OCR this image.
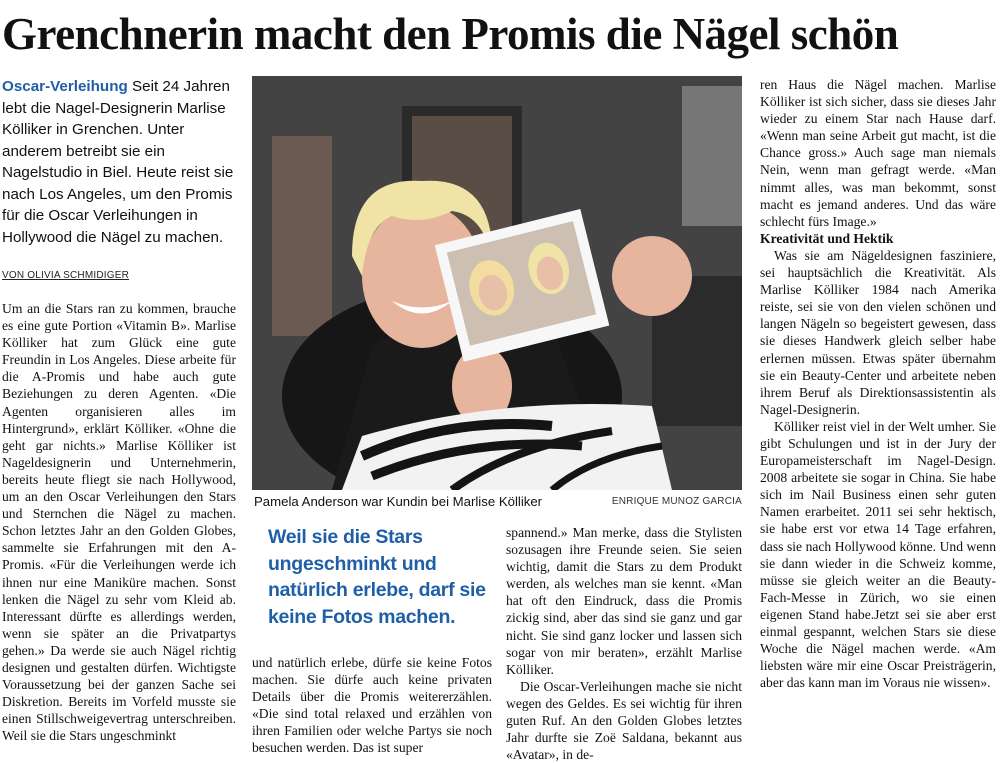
Grenchnerin macht den Promis die Nägel schön

Oscar-Verleihung Seit 24 Jahren lebt die Nagel-Designerin Marlise Kölliker in Grenchen. Unter anderem betreibt sie ein Nagelstudio in Biel. Heute reist sie nach Los Angeles, um den Promis für die Oscar Verleihungen in Hollywood die Nägel zu machen.

VON OLIVIA SCHMIDIGER

Um an die Stars ran zu kommen, brauche es eine gute Portion «Vitamin B». Marlise Kölliker hat zum Glück eine gute Freundin in Los Angeles. Diese arbeite für die A-Promis und habe auch gute Beziehungen zu deren Agenten. «Die Agenten organisieren alles im Hintergrund», erklärt Kölliker. «Ohne die geht gar nichts.» Marlise Kölliker ist Nageldesignerin und Unternehmerin, bereits heute fliegt sie nach Hollywood, um an den Oscar Verleihungen den Stars und Sternchen die Nägel zu machen. Schon letztes Jahr an den Golden Globes, sammelte sie Erfahrungen mit den A-Promis. «Für die Verleihungen werde ich ihnen nur eine Maniküre machen. Sonst lenken die Nägel zu sehr vom Kleid ab. Interessant dürfte es allerdings werden, wenn sie später an die Privatpartys gehen.» Da werde sie auch Nägel richtig designen und gestalten dürfen. Wichtigste Voraussetzung bei der ganzen Sache sei Diskretion. Bereits im Vorfeld musste sie einen Stillschweigevertrag unterschreiben. Weil sie die Stars ungeschminkt

Pamela Anderson war Kundin bei Marlise Kölliker	ENRIQUE MUNOZ GARCIA

Weil sie die Stars ungeschminkt und natürlich erlebe, darf sie keine Fotos machen.

und natürlich erlebe, dürfe sie keine Fotos machen. Sie dürfe auch keine privaten Details über die Promis weitererzählen. «Die sind total relaxed und erzählen von ihren Familien oder welche Partys sie noch besuchen werden. Das ist super

spannend.» Man merke, dass die Stylisten sozusagen ihre Freunde seien. Sie seien wichtig, damit die Stars zu dem Produkt werden, als welches man sie kennt. «Man hat oft den Eindruck, dass die Promis zickig sind, aber das sind sie ganz und gar nicht. Sie sind ganz locker und lassen sich sogar von mir beraten», erzählt Marlise Kölliker.

Die Oscar-Verleihungen mache sie nicht wegen des Geldes. Es sei wichtig für ihren guten Ruf. An den Golden Globes letztes Jahr durfte sie Zoë Saldana, bekannt aus «Avatar», in de-

ren Haus die Nägel machen. Marlise Kölliker ist sich sicher, dass sie dieses Jahr wieder zu einem Star nach Hause darf. «Wenn man seine Arbeit gut macht, ist die Chance gross.» Auch sage man niemals Nein, wenn man gefragt werde. «Man nimmt alles, was man bekommt, sonst macht es jemand anderes. Und das wäre schlecht fürs Image.»

Kreativität und Hektik

Was sie am Nägeldesignen fasziniere, sei hauptsächlich die Kreativität. Als Marlise Kölliker 1984 nach Amerika reiste, sei sie von den vielen schönen und langen Nägeln so begeistert gewesen, dass sie dieses Handwerk gleich selber habe erlernen müssen. Etwas später übernahm sie ein Beauty-Center und arbeitete neben ihrem Beruf als Direktionsassistentin als Nagel-Designerin.

Kölliker reist viel in der Welt umher. Sie gibt Schulungen und ist in der Jury der Europameisterschaft im Nagel-Design. 2008 arbeitete sie sogar in China. Sie habe sich im Nail Business einen sehr guten Namen erarbeitet. 2011 sei sehr hektisch, sie habe erst vor etwa 14 Tage erfahren, dass sie nach Hollywood könne. Und wenn sie dann wieder in die Schweiz komme, müsse sie gleich weiter an die Beauty-Fach-Messe in Zürich, wo sie einen eigenen Stand habe.Jetzt sei sie aber erst einmal gespannt, welchen Stars sie diese Woche die Nägel machen werde. «Am liebsten wäre mir eine Oscar Preisträgerin, aber das kann man im Voraus nie wissen».
